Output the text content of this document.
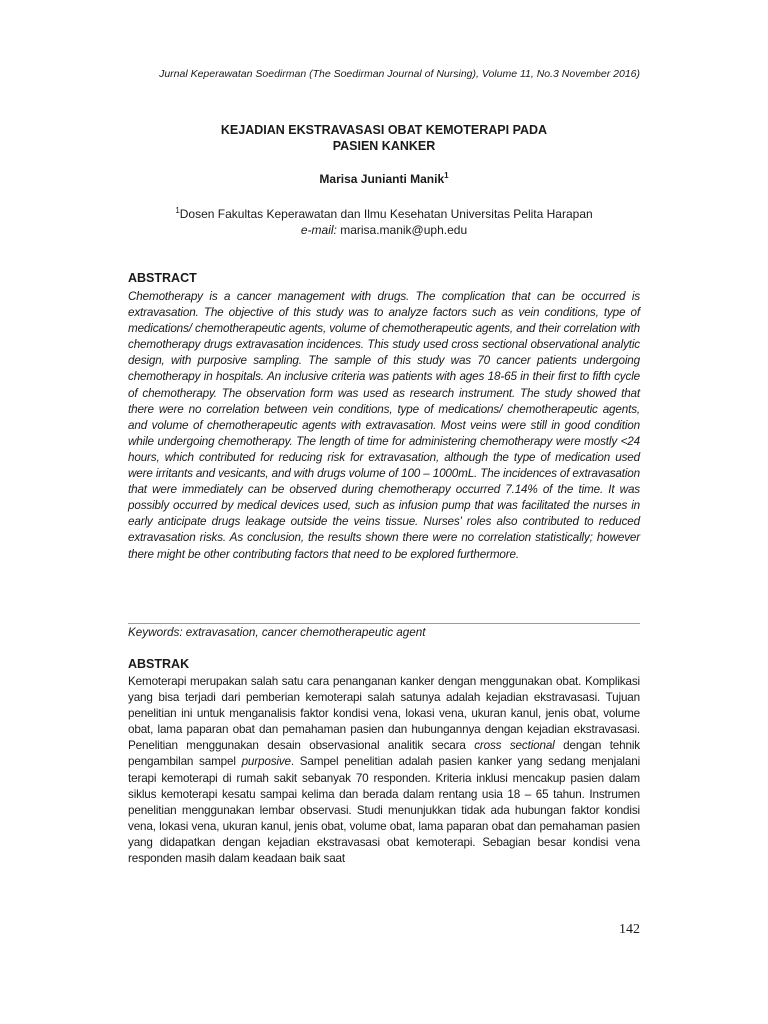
Jurnal Keperawatan Soedirman (The Soedirman Journal of Nursing), Volume 11, No.3 November 2016)
KEJADIAN EKSTRAVASASI OBAT KEMOTERAPI PADA
PASIEN KANKER
Marisa Junianti Manik$^1$
$^1$Dosen Fakultas Keperawatan dan Ilmu Kesehatan Universitas Pelita Harapan
e-mail: marisa.manik@uph.edu
ABSTRACT
Chemotherapy is a cancer management with drugs. The complication that can be occurred is extravasation. The objective of this study was to analyze factors such as vein conditions, type of medications/ chemotherapeutic agents, volume of chemotherapeutic agents, and their correlation with chemotherapy drugs extravasation incidences. This study used cross sectional observational analytic design, with purposive sampling. The sample of this study was 70 cancer patients undergoing chemotherapy in hospitals. An inclusive criteria was patients with ages 18-65 in their first to fifth cycle of chemotherapy. The observation form was used as research instrument. The study showed that there were no correlation between vein conditions, type of medications/ chemotherapeutic agents, and volume of chemotherapeutic agents with extravasation. Most veins were still in good condition while undergoing chemotherapy. The length of time for administering chemotherapy were mostly <24 hours, which contributed for reducing risk for extravasation, although the type of medication used were irritants and vesicants, and with drugs volume of 100 – 1000mL. The incidences of extravasation that were immediately can be observed during chemotherapy occurred 7.14% of the time. It was possibly occurred by medical devices used, such as infusion pump that was facilitated the nurses in early anticipate drugs leakage outside the veins tissue. Nurses’ roles also contributed to reduced extravasation risks. As conclusion, the results shown there were no correlation statistically; however there might be other contributing factors that need to be explored furthermore.
Keywords: extravasation, cancer chemotherapeutic agent
ABSTRAK
Kemoterapi merupakan salah satu cara penanganan kanker dengan menggunakan obat. Komplikasi yang bisa terjadi dari pemberian kemoterapi salah satunya adalah kejadian ekstravasasi. Tujuan penelitian ini untuk menganalisis faktor kondisi vena, lokasi vena, ukuran kanul, jenis obat, volume obat, lama paparan obat dan pemahaman pasien dan hubungannya dengan kejadian ekstravasasi. Penelitian menggunakan desain observasional analitik secara cross sectional dengan tehnik pengambilan sampel purposive. Sampel penelitian adalah pasien kanker yang sedang menjalani terapi kemoterapi di rumah sakit sebanyak 70 responden. Kriteria inklusi mencakup pasien dalam siklus kemoterapi kesatu sampai kelima dan berada dalam rentang usia 18 – 65 tahun. Instrumen penelitian menggunakan lembar observasi. Studi menunjukkan tidak ada hubungan faktor kondisi vena, lokasi vena, ukuran kanul, jenis obat, volume obat, lama paparan obat dan pemahaman pasien yang didapatkan dengan kejadian ekstravasasi obat kemoterapi. Sebagian besar kondisi vena responden masih dalam keadaan baik saat
142
